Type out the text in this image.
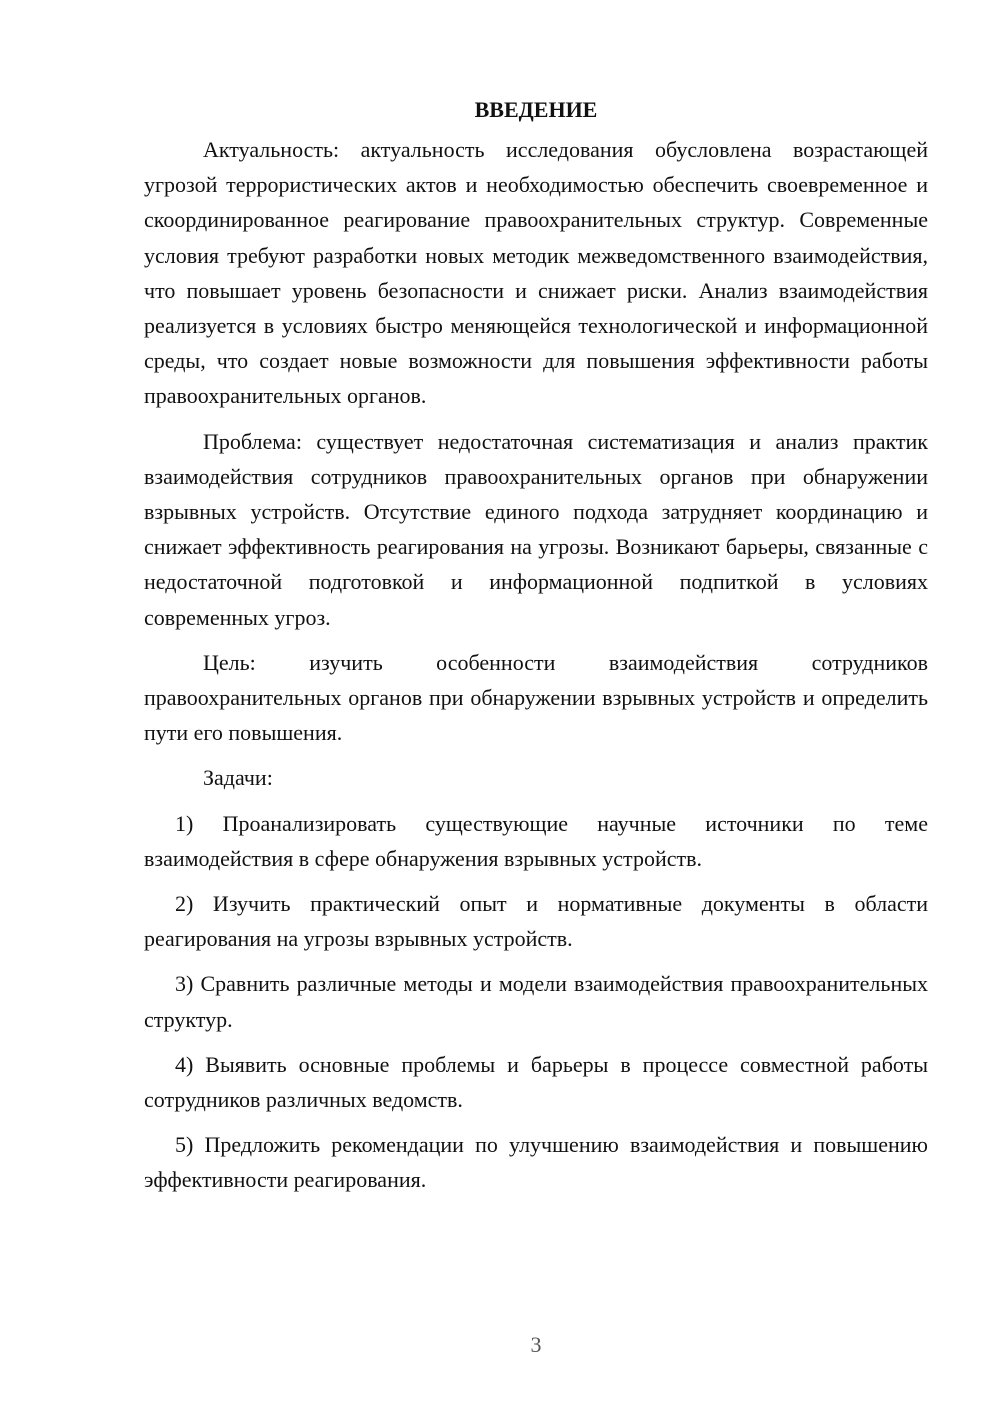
ВВЕДЕНИЕ

Актуальность: актуальность исследования обусловлена возрастающей угрозой террористических актов и необходимостью обеспечить своевременное и скоординированное реагирование правоохранительных структур. Современные условия требуют разработки новых методик межведомственного взаимодействия, что повышает уровень безопасности и снижает риски. Анализ взаимодействия реализуется в условиях быстро меняющейся технологической и информационной среды, что создает новые возможности для повышения эффективности работы правоохранительных органов.

Проблема: существует недостаточная систематизация и анализ практик взаимодействия сотрудников правоохранительных органов при обнаружении взрывных устройств. Отсутствие единого подхода затрудняет координацию и снижает эффективность реагирования на угрозы. Возникают барьеры, связанные с недостаточной подготовкой и информационной подпиткой в условиях современных угроз.

Цель: изучить особенности взаимодействия сотрудников правоохранительных органов при обнаружении взрывных устройств и определить пути его повышения.

Задачи:

1) Проанализировать существующие научные источники по теме взаимодействия в сфере обнаружения взрывных устройств.

2) Изучить практический опыт и нормативные документы в области реагирования на угрозы взрывных устройств.

3) Сравнить различные методы и модели взаимодействия правоохранительных структур.

4) Выявить основные проблемы и барьеры в процессе совместной работы сотрудников различных ведомств.

5) Предложить рекомендации по улучшению взаимодействия и повышению эффективности реагирования.

3
